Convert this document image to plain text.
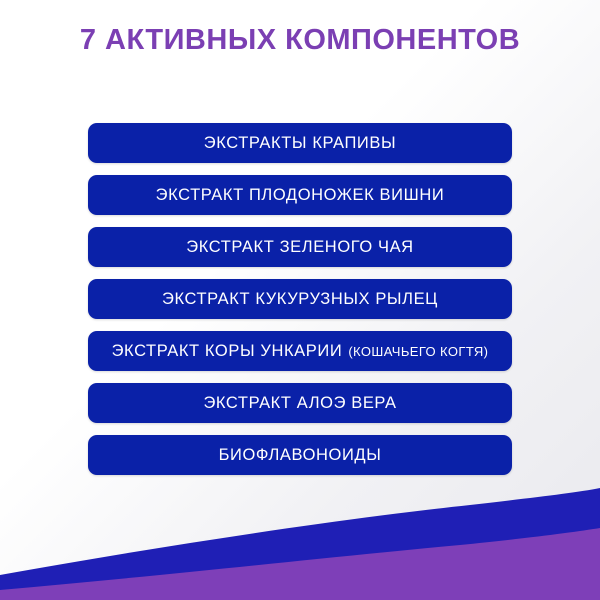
7 АКТИВНЫХ КОМПОНЕНТОВ
ЭКСТРАКТЫ КРАПИВЫ
ЭКСТРАКТ ПЛОДОНОЖЕК ВИШНИ
ЭКСТРАКТ ЗЕЛЕНОГО ЧАЯ
ЭКСТРАКТ КУКУРУЗНЫХ РЫЛЕЦ
ЭКСТРАКТ КОРЫ УНКАРИИ (КОШАЧЬЕГО КОГТЯ)
ЭКСТРАКТ АЛОЭ ВЕРА
БИОФЛАВОНОИДЫ
